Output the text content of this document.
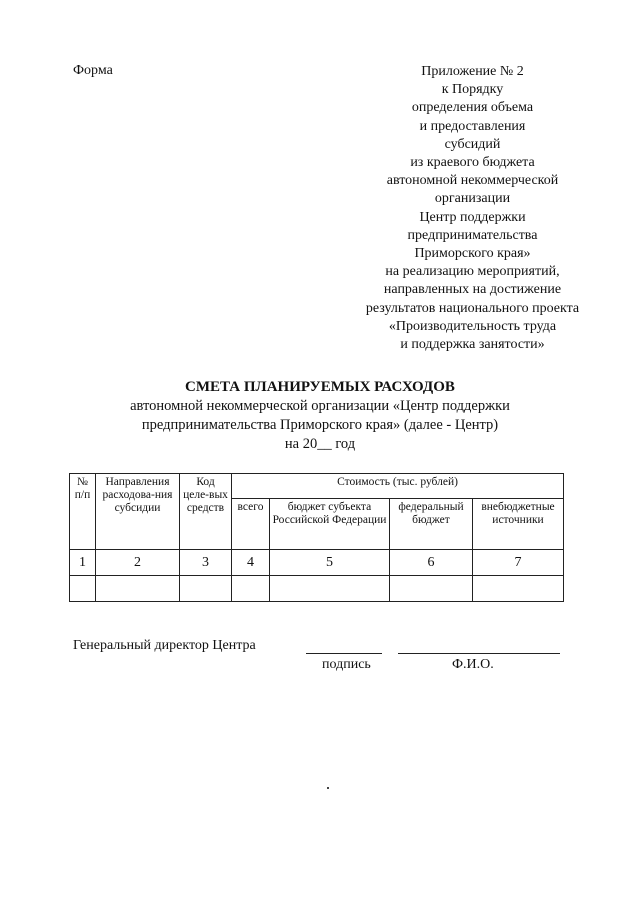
Форма	Приложение № 2
к Порядку
определения объема
и предоставления
субсидий
из краевого бюджета
автономной некоммерческой
организации
Центр поддержки
предпринимательства
Приморского края»
на реализацию мероприятий,
направленных на достижение
результатов национального проекта
«Производительность труда
и поддержка занятости»
СМЕТА ПЛАНИРУЕМЫХ РАСХОДОВ
автономной некоммерческой организации «Центр поддержки
предпринимательства Приморского края» (далее - Центр)
на 20__ год
№ п/п	Направления расходова-ния субсидии	Код целе-вых средств	Стоимость (тыс. рублей)			
			всего	бюджет субъекта Российской Федерации	федеральный бюджет	внебюджетные источники
1	2	3	4	5	6	7

Генеральный директор Центра
подпись	Ф.И.О.
